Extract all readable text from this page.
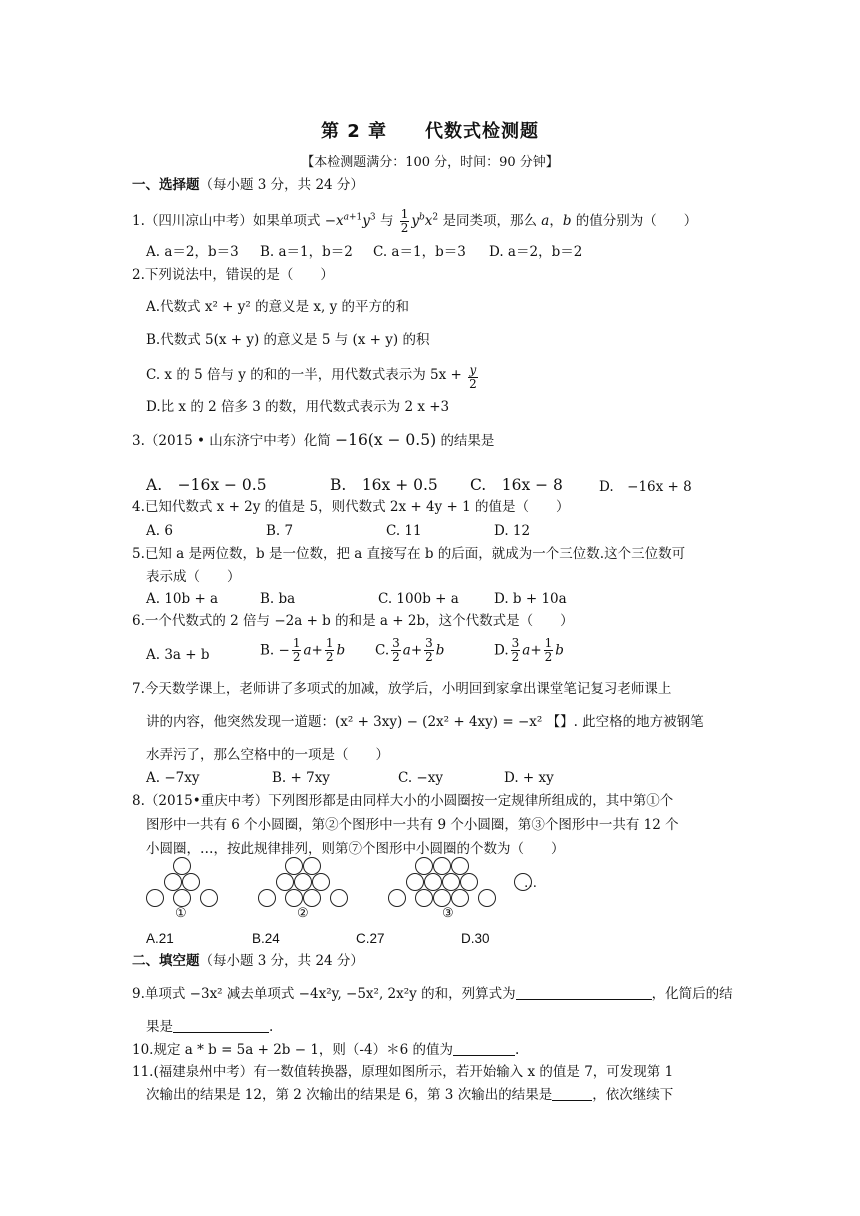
第 2 章　　代数式检测题
【本检测题满分：100 分，时间：90 分钟】
一、选择题（每小题 3 分，共 24 分）
1.（四川凉山中考）如果单项式 $-x^{a+1}y^3$ 与 $\frac{1}{2} y^bx^2$ 是同类项，那么 a，b 的值分别为（　　）
A. a＝2，b＝3 B. a＝1，b＝2 C. a＝1，b＝3 D. a＝2，b＝2
2.下列说法中，错误的是（　　）
A.代数式 x² + y² 的意义是 x, y 的平方的和
B.代数式 5(x + y) 的意义是 5 与 (x + y) 的积
C. x 的 5 倍与 y 的和的一半，用代数式表示为 $5x + \frac{y}{2}$
D.比 x 的 2 倍多 3 的数，用代数式表示为 2 x +3
3.（2015 • 山东济宁中考）化简 −16(x − 0.5) 的结果是
A.　−16x − 0.5	B.　16x + 0.5 C.　16x − 8	D.　−16x + 8
4.已知代数式 x + 2y 的值是 5，则代数式 2x + 4y + 1 的值是（　　）
A. 6	B. 7	C. 11	D. 12
5.已知 a 是两位数，b 是一位数，把 a 直接写在 b 的后面，就成为一个三位数.这个三位数可
表示成（　　）
A. 10b + a	B. ba	C. 100b + a	D. b + 10a
6.一个代数式的 2 倍与 −2a + b 的和是 a + 2b，这个代数式是（　　）
A. 3a + b	B. − $\frac{1}{2} a+ \frac{1}{2}$ b C. $\frac{3}{2} a+ \frac{3}{2}$ b	D. $\frac{3}{2} a+ \frac{1}{2}$ b
7.今天数学课上，老师讲了多项式的加减，放学后，小明回到家拿出课堂笔记复习老师课上
讲的内容，他突然发现一道题：(x² + 3xy) − (2x² + 4xy) = −x² 【】. 此空格的地方被钢笔
水弄污了，那么空格中的一项是（　　）
A. −7xy	B. + 7xy	C. −xy	D. + xy
8.（2015•重庆中考）下列图形都是由同样大小的小圆圈按一定规律所组成的，其中第①个
图形中一共有 6 个小圆圈，第②个图形中一共有 9 个小圆圈，第③个图形中一共有 12 个
小圆圈，…，按此规律排列，则第⑦个图形中小圆圈的个数为（　　）
…
①	②	③
A.21	B.24	C.27	D.30
二、填空题（每小题 3 分，共 24 分）
9.单项式 −3x² 减去单项式 −4x²y, −5x², 2x²y 的和，列算式为	，化简后的结
果是	.
10.规定 a * b = 5a + 2b − 1，则（-4）＊6 的值为	.
11.(福建泉州中考）有一数值转换器，原理如图所示，若开始输入 x 的值是 7，可发现第 1
次输出的结果是 12，第 2 次输出的结果是 6，第 3 次输出的结果是	，依次继续下
